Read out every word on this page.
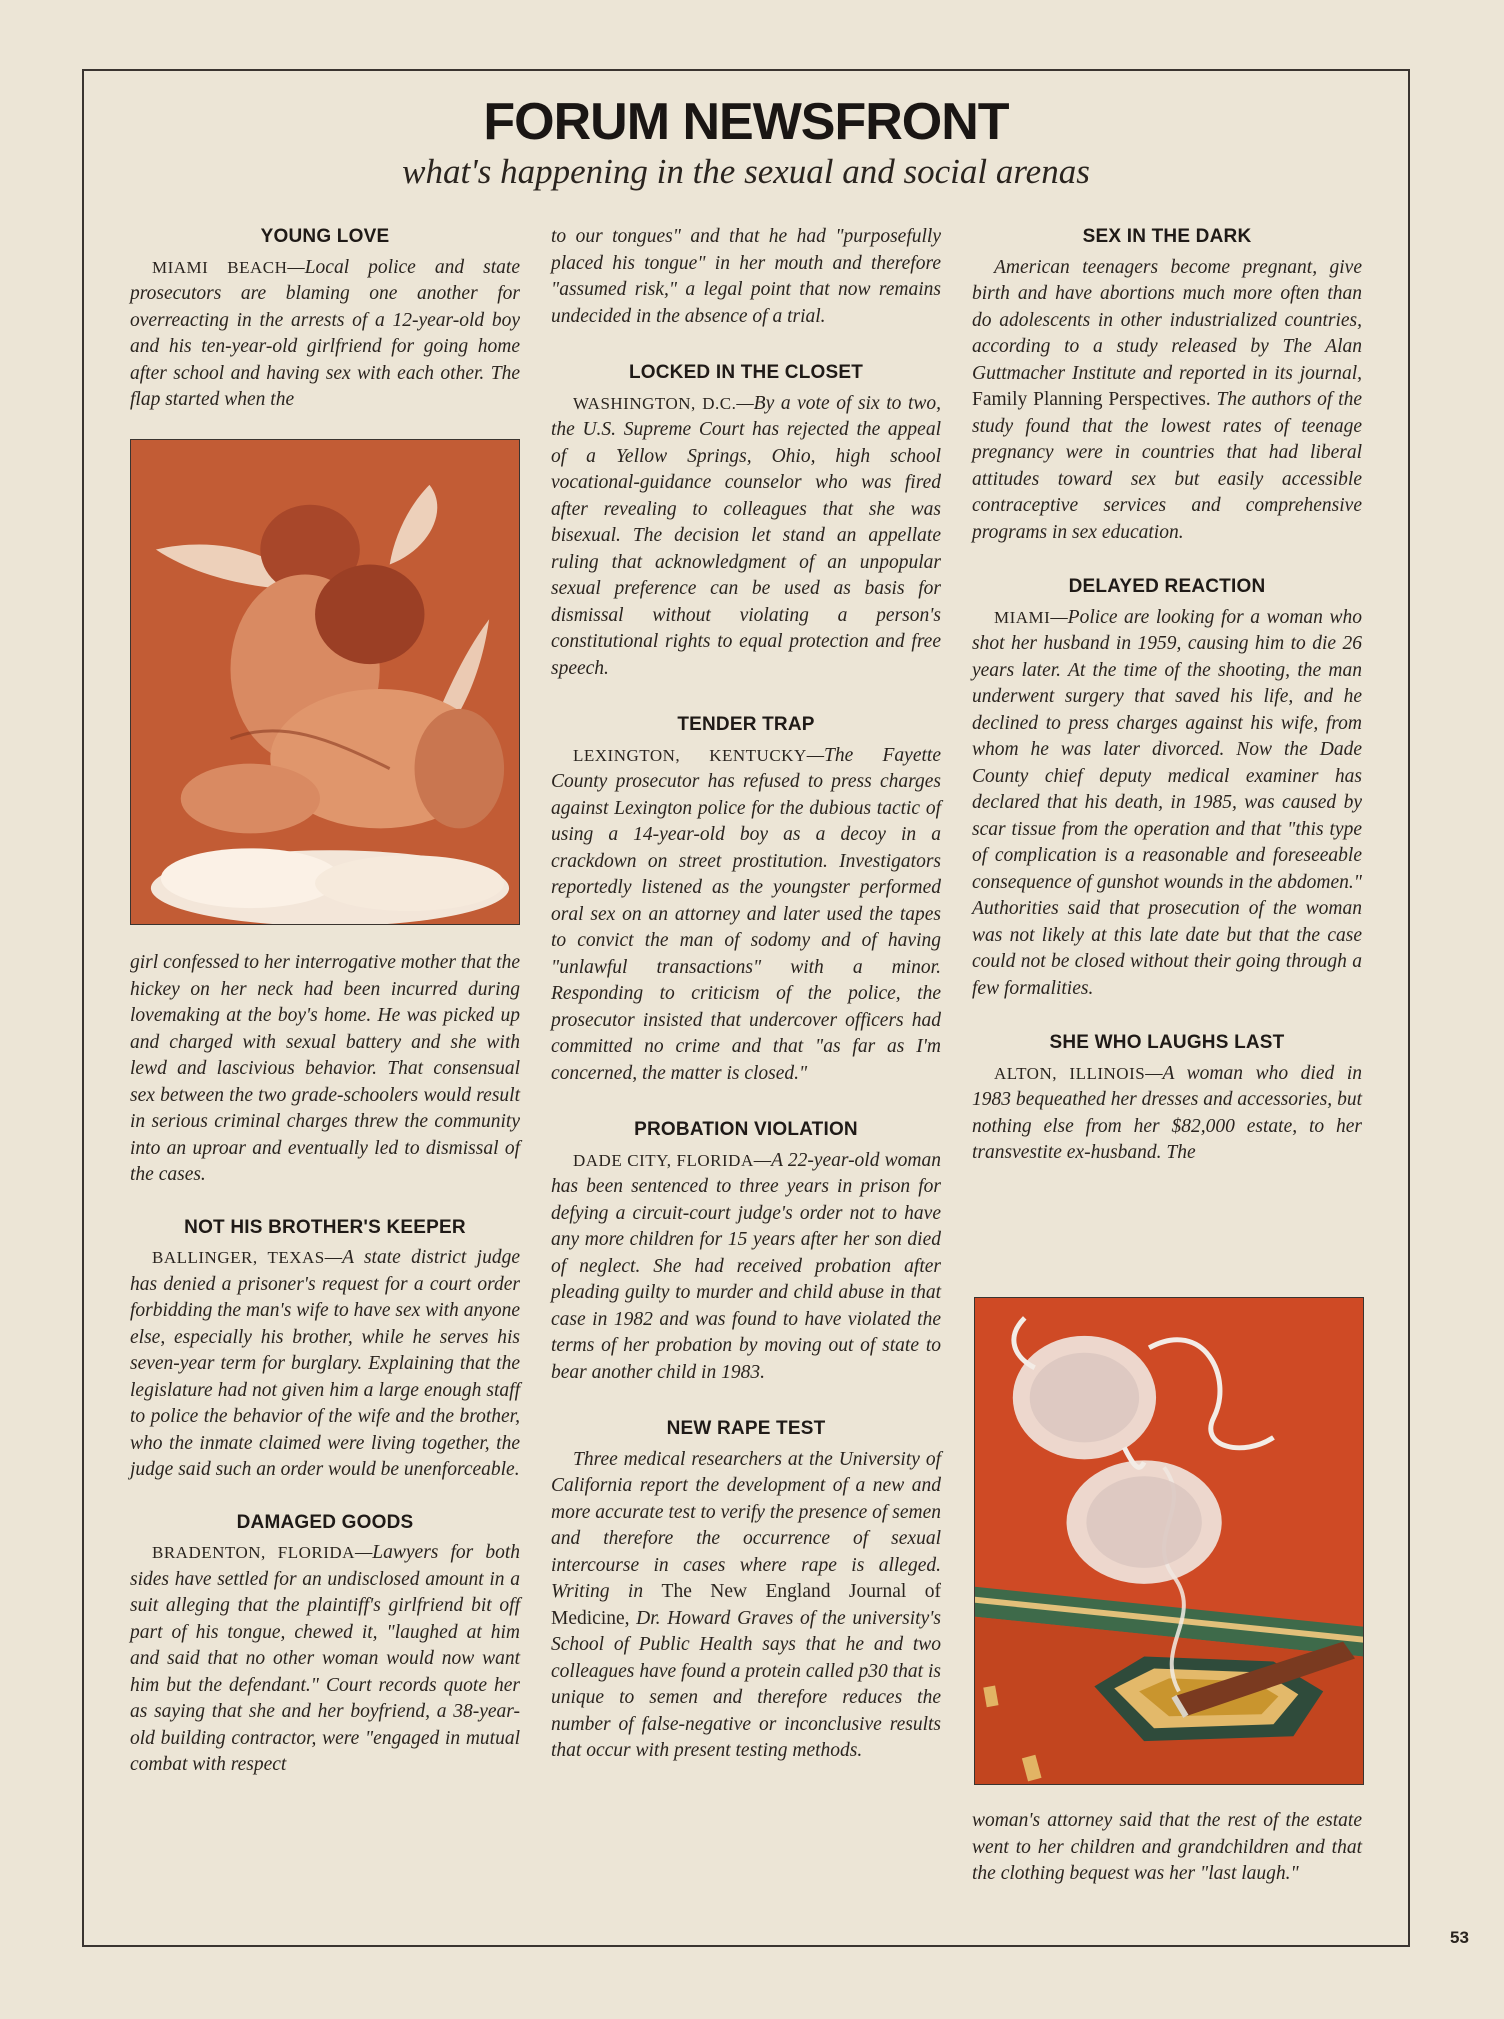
FORUM NEWSFRONT
what's happening in the sexual and social arenas
YOUNG LOVE

MIAMI BEACH—Local police and state prosecutors are blaming one another for overreacting in the arrests of a 12-year-old boy and his ten-year-old girlfriend for going home after school and having sex with each other. The flap started when the

girl confessed to her interrogative mother that the hickey on her neck had been incurred during lovemaking at the boy's home. He was picked up and charged with sexual battery and she with lewd and lascivious behavior. That consensual sex between the two grade-schoolers would result in serious criminal charges threw the community into an uproar and eventually led to dismissal of the cases.

NOT HIS BROTHER'S KEEPER

BALLINGER, TEXAS—A state district judge has denied a prisoner's request for a court order forbidding the man's wife to have sex with anyone else, especially his brother, while he serves his seven-year term for burglary. Explaining that the legislature had not given him a large enough staff to police the behavior of the wife and the brother, who the inmate claimed were living together, the judge said such an order would be unenforceable.

DAMAGED GOODS

BRADENTON, FLORIDA—Lawyers for both sides have settled for an undisclosed amount in a suit alleging that the plaintiff's girlfriend bit off part of his tongue, chewed it, "laughed at him and said that no other woman would now want him but the defendant." Court records quote her as saying that she and her boyfriend, a 38-year-old building contractor, were "engaged in mutual combat with respect

to our tongues" and that he had "purposefully placed his tongue" in her mouth and therefore "assumed risk," a legal point that now remains undecided in the absence of a trial.

LOCKED IN THE CLOSET

WASHINGTON, D.C.—By a vote of six to two, the U.S. Supreme Court has rejected the appeal of a Yellow Springs, Ohio, high school vocational-guidance counselor who was fired after revealing to colleagues that she was bisexual. The decision let stand an appellate ruling that acknowledgment of an unpopular sexual preference can be used as basis for dismissal without violating a person's constitutional rights to equal protection and free speech.

TENDER TRAP

LEXINGTON, KENTUCKY—The Fayette County prosecutor has refused to press charges against Lexington police for the dubious tactic of using a 14-year-old boy as a decoy in a crackdown on street prostitution. Investigators reportedly listened as the youngster performed oral sex on an attorney and later used the tapes to convict the man of sodomy and of having "unlawful transactions" with a minor. Responding to criticism of the police, the prosecutor insisted that undercover officers had committed no crime and that "as far as I'm concerned, the matter is closed."

PROBATION VIOLATION

DADE CITY, FLORIDA—A 22-year-old woman has been sentenced to three years in prison for defying a circuit-court judge's order not to have any more children for 15 years after her son died of neglect. She had received probation after pleading guilty to murder and child abuse in that case in 1982 and was found to have violated the terms of her probation by moving out of state to bear another child in 1983.

NEW RAPE TEST

Three medical researchers at the University of California report the development of a new and more accurate test to verify the presence of semen and therefore the occurrence of sexual intercourse in cases where rape is alleged. Writing in The New England Journal of Medicine, Dr. Howard Graves of the university's School of Public Health says that he and two colleagues have found a protein called p30 that is unique to semen and therefore reduces the number of false-negative or inconclusive results that occur with present testing methods.

SEX IN THE DARK

American teenagers become pregnant, give birth and have abortions much more often than do adolescents in other industrialized countries, according to a study released by The Alan Guttmacher Institute and reported in its journal, Family Planning Perspectives. The authors of the study found that the lowest rates of teenage pregnancy were in countries that had liberal attitudes toward sex but easily accessible contraceptive services and comprehensive programs in sex education.

DELAYED REACTION

MIAMI—Police are looking for a woman who shot her husband in 1959, causing him to die 26 years later. At the time of the shooting, the man underwent surgery that saved his life, and he declined to press charges against his wife, from whom he was later divorced. Now the Dade County chief deputy medical examiner has declared that his death, in 1985, was caused by scar tissue from the operation and that "this type of complication is a reasonable and foreseeable consequence of gunshot wounds in the abdomen." Authorities said that prosecution of the woman was not likely at this late date but that the case could not be closed without their going through a few formalities.

SHE WHO LAUGHS LAST

ALTON, ILLINOIS—A woman who died in 1983 bequeathed her dresses and accessories, but nothing else from her $82,000 estate, to her transvestite ex-husband. The

woman's attorney said that the rest of the estate went to her children and grandchildren and that the clothing bequest was her "last laugh."

53
